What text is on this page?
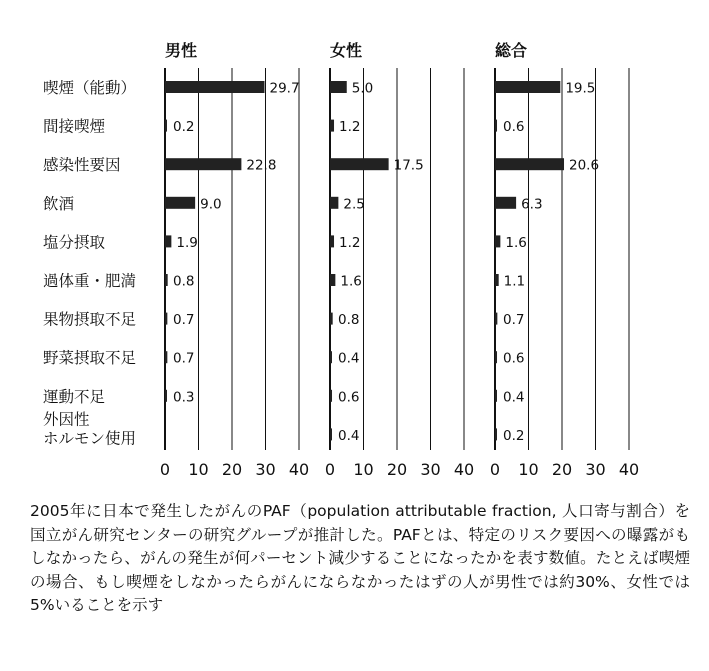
喫煙（能動）
間接喫煙
感染性要因
飲酒
塩分摂取
過体重・肥満
果物摂取不足
野菜摂取不足
運動不足
外因性ホルモン使用
男性
0 10 20 30 40
29.7
0.2
22.8
9.0
1.9
0.8
0.7
0.7
0.3
女性
0 10 20 30 40
5.0
1.2
17.5
2.5
1.2
1.6
0.8
0.4
0.6
0.4
総合
0 10 20 30 40
19.5
0.6
20.6
6.3
1.6
1.1
0.7
0.6
0.4
0.2

2005年に日本で発生したがんのPAF（population attributable fraction, 人口寄与割合）を国立がん研究センターの研究グループが推計した。PAFとは、特定のリスク要因への曝露がもしなかったら、がんの発生が何パーセント減少することになったかを表す数値。たとえば喫煙の場合、もし喫煙をしなかったらがんにならなかったはずの人が男性では約30%、女性では5%いることを示す
